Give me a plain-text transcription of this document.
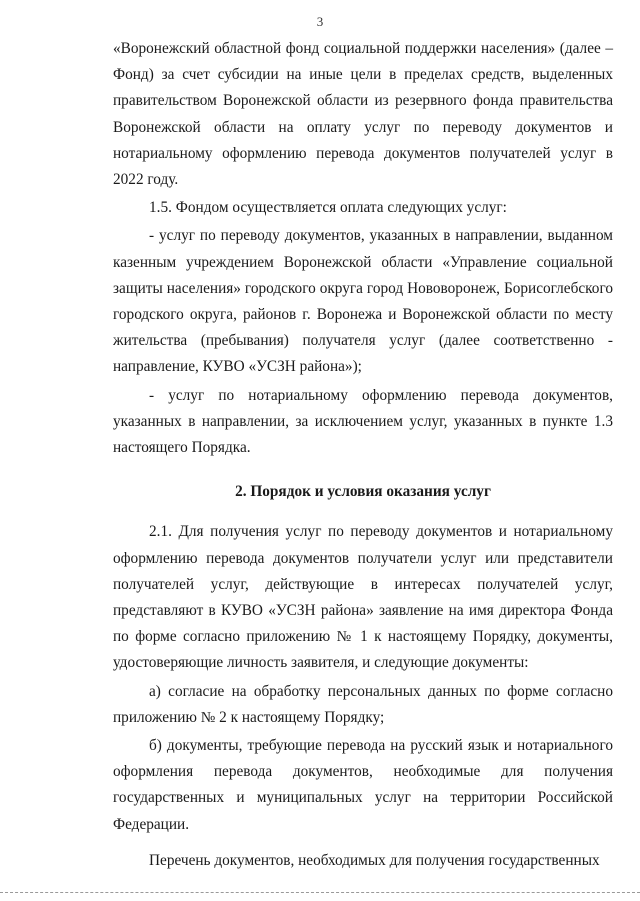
3

«Воронежский областной фонд социальной поддержки населения» (далее – Фонд) за счет субсидии на иные цели в пределах средств, выделенных правительством Воронежской области из резервного фонда правительства Воронежской области на оплату услуг по переводу документов и нотариальному оформлению перевода документов получателей услуг в 2022 году.

1.5. Фондом осуществляется оплата следующих услуг:

- услуг по переводу документов, указанных в направлении, выданном казенным учреждением Воронежской области «Управление социальной защиты населения» городского округа город Нововоронеж, Борисоглебского городского округа, районов г. Воронежа и Воронежской области по месту жительства (пребывания) получателя услуг (далее соответственно - направление, КУВО «УСЗН района»);

- услуг по нотариальному оформлению перевода документов, указанных в направлении, за исключением услуг, указанных в пункте 1.3 настоящего Порядка.

2. Порядок и условия оказания услуг

2.1. Для получения услуг по переводу документов и нотариальному оформлению перевода документов получатели услуг или представители получателей услуг, действующие в интересах получателей услуг, представляют в КУВО «УСЗН района» заявление на имя директора Фонда по форме согласно приложению № 1 к настоящему Порядку, документы, удостоверяющие личность заявителя, и следующие документы:

а) согласие на обработку персональных данных по форме согласно приложению № 2 к настоящему Порядку;

б) документы, требующие перевода на русский язык и нотариального оформления перевода документов, необходимые для получения государственных и муниципальных услуг на территории Российской Федерации.

Перечень документов, необходимых для получения государственных
